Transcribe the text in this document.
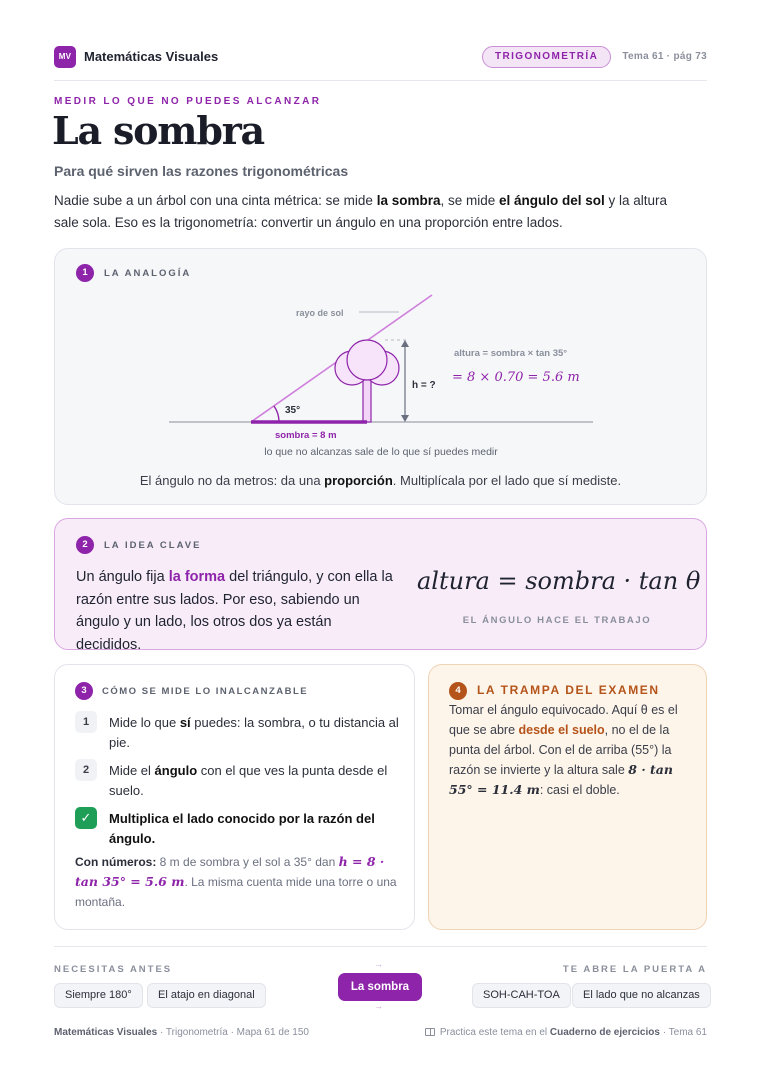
MV Matemáticas Visuales	TRIGONOMETRÍA	Tema 61 · pág 73
MEDIR LO QUE NO PUEDES ALCANZAR
La sombra
Para qué sirven las razones trigonométricas

Nadie sube a un árbol con una cinta métrica: se mide la sombra, se mide el ángulo del sol y la altura sale sola. Eso es la trigonometría: convertir un ángulo en una proporción entre lados.

1	LA ANALOGÍA
rayo de sol
h = ?
sombra = 8 m
35°
altura = sombra × tan 35°
= 8 × 0.70 = 5.6 m
lo que no alcanzas sale de lo que sí puedes medir

El ángulo no da metros: da una proporción. Multiplícala por el lado que sí mediste.

2	LA IDEA CLAVE

Un ángulo fija la forma del triángulo, y con ella la razón entre sus lados. Por eso, sabiendo un ángulo y un lado, los otros dos ya están decididos.

altura = sombra · tan θ
EL ÁNGULO HACE EL TRABAJO
3	CÓMO SE MIDE LO INALCANZABLE
1	Mide lo que sí puedes: la sombra, o tu distancia al pie.

2	Mide el ángulo con el que ves la punta desde el suelo.

✓	Multiplica el lado conocido por la razón del ángulo.

Con números: 8 m de sombra y el sol a 35° dan h = 8 · tan 35° = 5.6 m. La misma cuenta mide una torre o una montaña.

4	LA TRAMPA DEL EXAMEN

Tomar el ángulo equivocado. Aquí θ es el que se abre desde el suelo, no el de la punta del árbol. Con el de arriba (55°) la razón se invierte y la altura sale 8 · tan 55° = 11.4 m: casi el doble.

NECESITAS ANTES	TE ABRE LA PUERTA A
Siempre 180°	El atajo en diagonal
→
La sombra
→
SOH-CAH-TOA	El lado que no alcanzas
Matemáticas Visuales · Trigonometría · Mapa 61 de 150	Practica este tema en el Cuaderno de ejercicios · Tema 61
